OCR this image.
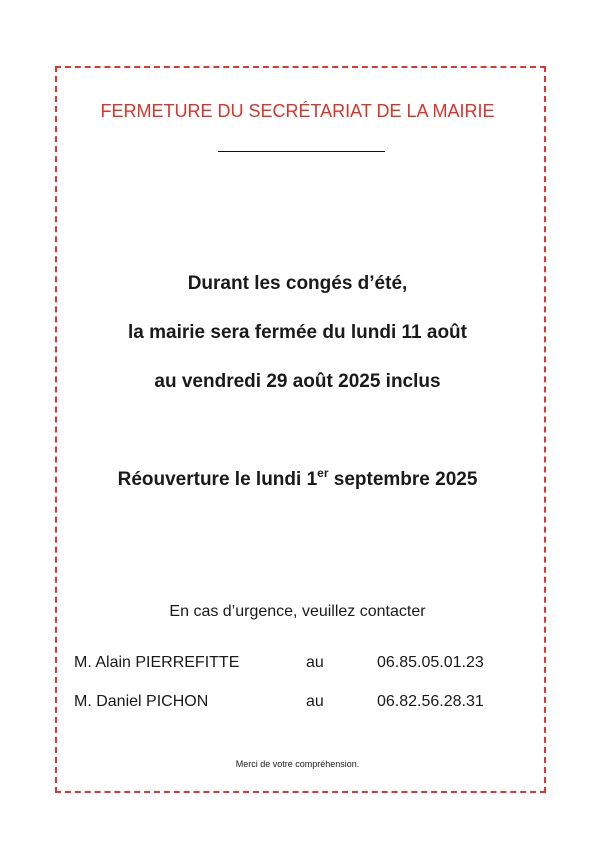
FERMETURE DU SECRÉTARIAT DE LA MAIRIE
Durant les congés d’été,
la mairie sera fermée du lundi 11 août
au vendredi 29 août 2025 inclus
Réouverture le lundi 1er septembre 2025
En cas d’urgence, veuillez contacter
M. Alain PIERREFITTE	au	06.85.05.01.23
M. Daniel PICHON	au	06.82.56.28.31
Merci de votre compréhension.
